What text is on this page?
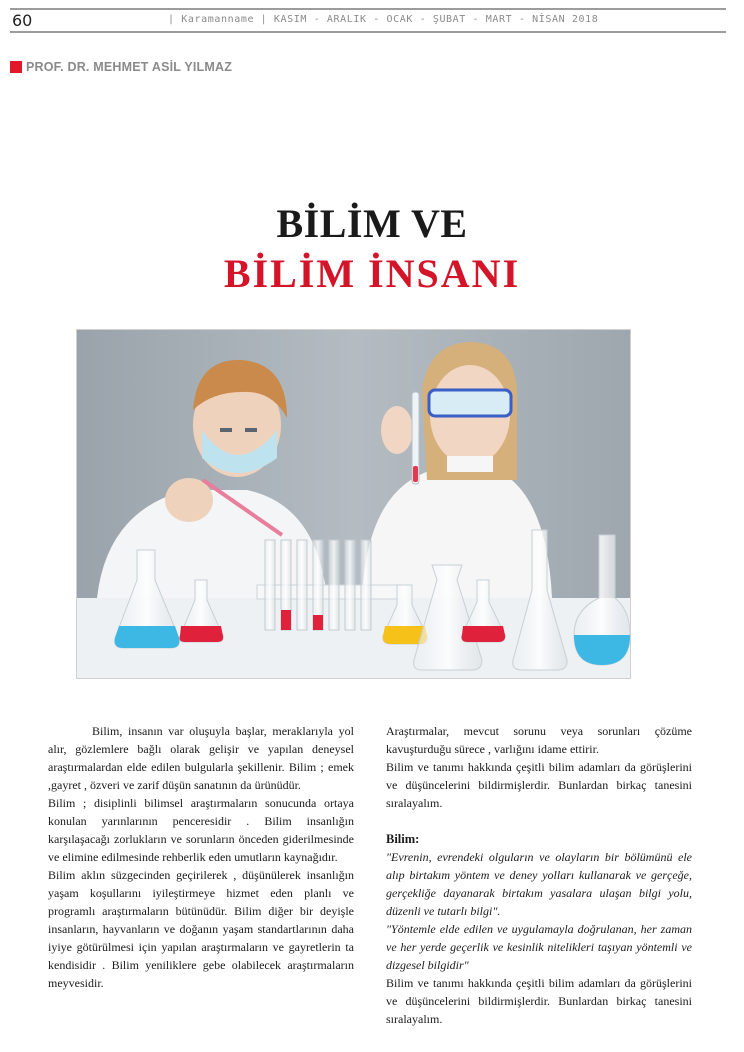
60	| Karamanname | KASIM - ARALIK - OCAK - ŞUBAT - MART - NİSAN 2018
PROF. DR. MEHMET ASİL YILMAZ
BİLİM VE
BİLİM İNSANI

Bilim, insanın var oluşuyla başlar, meraklarıyla yol alır, gözlemlere bağlı olarak gelişir ve yapılan deneysel araştırmalardan elde edilen bulgularla şekillenir. Bilim ; emek ,gayret , özveri ve zarif düşün sanatının da ürünüdür.

Bilim ; disiplinli bilimsel araştırmaların sonucunda ortaya konulan yarınlarının penceresidir . Bilim insanlığın karşılaşacağı zorlukların ve sorunların önceden giderilmesinde ve elimine edilmesinde rehberlik eden umutların kaynağıdır.

Bilim aklın süzgecinden geçirilerek , düşünülerek insanlığın yaşam koşullarını iyileştirmeye hizmet eden planlı ve programlı araştırmaların bütünüdür. Bilim diğer bir deyişle insanların, hayvanların ve doğanın yaşam standartlarının daha iyiye götürülmesi için yapılan araştırmaların ve gayretlerin ta kendisidir . Bilim yeniliklere gebe olabilecek araştırmaların meyvesidir.

Araştırmalar, mevcut sorunu veya sorunları çözüme kavuşturduğu sürece , varlığını idame ettirir.

Bilim ve tanımı hakkında çeşitli bilim adamları da görüşlerini ve düşüncelerini bildirmişlerdir. Bunlardan birkaç tanesini sıralayalım.

Bilim:

"Evrenin, evrendeki olguların ve olayların bir bölümünü ele alıp birtakım yöntem ve deney yolları kullanarak ve gerçeğe, gerçekliğe dayanarak birtakım yasalara ulaşan bilgi yolu, düzenli ve tutarlı bilgi".

"Yöntemle elde edilen ve uygulamayla doğrulanan, her zaman ve her yerde geçerlik ve kesinlik nitelikleri taşıyan yöntemli ve dizgesel bilgidir"

Bilim ve tanımı hakkında çeşitli bilim adamları da görüşlerini ve düşüncelerini bildirmişlerdir. Bunlardan birkaç tanesini sıralayalım.
